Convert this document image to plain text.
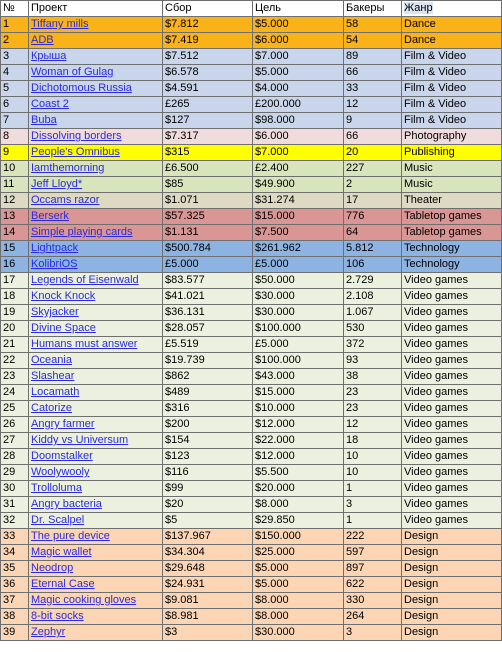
№	Проект	Сбор	Цель	Бакеры	Жанр
1	Tiffany mills	$7.812	$5.000	58	Dance
2	ADB	$7.419	$6.000	54	Dance
3	Крыша	$7.512	$7.000	89	Film & Video
4	Woman of Gulag	$6.578	$5.000	66	Film & Video
5	Dichotomous Russia	$4.591	$4.000	33	Film & Video
6	Coast 2	£265	£200.000	12	Film & Video
7	Buba	$127	$98.000	9	Film & Video
8	Dissolving borders	$7.317	$6.000	66	Photography
9	People's Omnibus	$315	$7.000	20	Publishing
10	Iamthemorning	£6.500	£2.400	227	Music
11	Jeff Lloyd*	$85	$49.900	2	Music
12	Occams razor	$1.071	$31.274	17	Theater
13	Berserk	$57.325	$15.000	776	Tabletop games
14	Simple playing cards	$1.131	$7.500	64	Tabletop games
15	Lightpack	$500.784	$261.962	5.812	Technology
16	KolibriOS	£5.000	£5.000	106	Technology
17	Legends of Eisenwald	$83.577	$50.000	2.729	Video games
18	Knock Knock	$41.021	$30.000	2.108	Video games
19	Skyjacker	$36.131	$30.000	1.067	Video games
20	Divine Space	$28.057	$100.000	530	Video games
21	Humans must answer	£5.519	£5.000	372	Video games
22	Oceania	$19.739	$100.000	93	Video games
23	Slashear	$862	$43.000	38	Video games
24	Locamath	$489	$15.000	23	Video games
25	Catorize	$316	$10.000	23	Video games
26	Angry farmer	$200	$12.000	12	Video games
27	Kiddy vs Universum	$154	$22.000	18	Video games
28	Doomstalker	$123	$12.000	10	Video games
29	Woolywooly	$116	$5.500	10	Video games
30	Trolloluma	$99	$20.000	1	Video games
31	Angry bacteria	$20	$8.000	3	Video games
32	Dr. Scalpel	$5	$29.850	1	Video games
33	The pure device	$137.967	$150.000	222	Design
34	Magic wallet	$34.304	$25.000	597	Design
35	Neodrop	$29.648	$5.000	897	Design
36	Eternal Case	$24.931	$5.000	622	Design
37	Magic cooking gloves	$9.081	$8.000	330	Design
38	8-bit socks	$8.981	$8.000	264	Design
39	Zephyr	$3	$30.000	3	Design
